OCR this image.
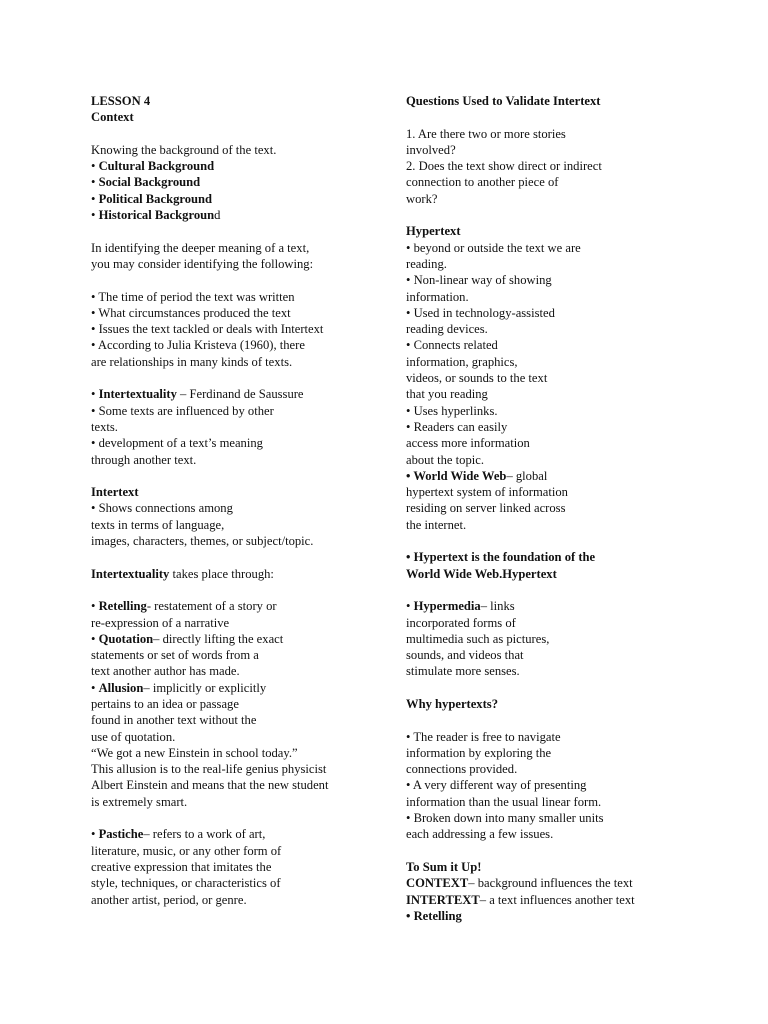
LESSON 4
Context
Knowing the background of the text.
• Cultural Background
• Social Background
• Political Background
• Historical Background
In identifying the deeper meaning of a text,
you may consider identifying the following:
• The time of period the text was written
• What circumstances produced the text
• Issues the text tackled or deals with Intertext
• According to Julia Kristeva (1960), there
are relationships in many kinds of texts.
• Intertextuality – Ferdinand de Saussure
• Some texts are influenced by other
texts.
• development of a text’s meaning
through another text.
Intertext
• Shows connections among
texts in terms of language,
images, characters, themes, or subject/topic.
Intertextuality takes place through:
• Retelling- restatement of a story or
re-expression of a narrative
• Quotation– directly lifting the exact
statements or set of words from a
text another author has made.
• Allusion– implicitly or explicitly
pertains to an idea or passage
found in another text without the
use of quotation.
“We got a new Einstein in school today.”
This allusion is to the real-life genius physicist
Albert Einstein and means that the new student
is extremely smart.
• Pastiche– refers to a work of art,
literature, music, or any other form of
creative expression that imitates the
style, techniques, or characteristics of
another artist, period, or genre.
Questions Used to Validate Intertext
1. Are there two or more stories
involved?
2. Does the text show direct or indirect
connection to another piece of
work?
Hypertext
• beyond or outside the text we are
reading.
• Non-linear way of showing
information.
• Used in technology-assisted
reading devices.
• Connects related
information, graphics,
videos, or sounds to the text
that you reading
• Uses hyperlinks.
• Readers can easily
access more information
about the topic.
• World Wide Web– global
hypertext system of information
residing on server linked across
the internet.
• Hypertext is the foundation of the
World Wide Web.Hypertext
• Hypermedia– links
incorporated forms of
multimedia such as pictures,
sounds, and videos that
stimulate more senses.
Why hypertexts?
• The reader is free to navigate
information by exploring the
connections provided.
• A very different way of presenting
information than the usual linear form.
• Broken down into many smaller units
each addressing a few issues.
To Sum it Up!
CONTEXT– background influences the text
INTERTEXT– a text influences another text
• Retelling
